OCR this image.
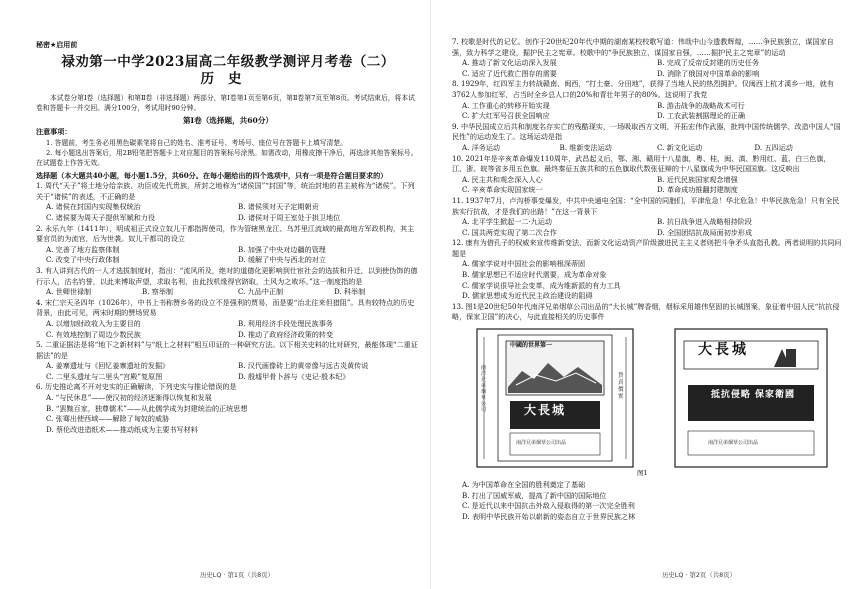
秘密★启用前
禄劝第一中学2023届高二年级教学测评月考卷（二）
历史
本试卷分第Ⅰ卷（选择题）和第Ⅱ卷（非选择题）两部分，第Ⅰ卷第1页至第6页，第Ⅱ卷第7页至第8页。考试结束后，将本试卷和答题卡一并交回。满分100分，考试用时90分钟。
第Ⅰ卷（选择题，共60分）
注意事项：
1. 答题前，考生务必用黑色碳素笔将自己的姓名、准考证号、考场号、座位号在答题卡上填写清楚。
2. 每小题选出答案后，用2B铅笔把答题卡上对应题目的答案标号涂黑。如需改动，用橡皮擦干净后，再选涂其他答案标号。在试题卷上作答无效。
选择题（本大题共40小题，每小题1.5分，共60分。在每小题给出的四个选项中，只有一项是符合题目要求的）
1. 周代“天子”将土地分给亲族、功臣或先代贵族，所封之地称为“诸侯国”“封国”等，统治封地的君主被称为“诸侯”。下列关于“诸侯”的表述，不正确的是
A. 诸侯在封国内实现集权统治	B. 诸侯须对天子定期朝贡
C. 诸侯要为周天子提供军赋和力役	D. 诸侯对于周王室处于拱卫地位
2. 永乐九年（1411年），明成祖正式设立奴儿干都指挥使司，作为管辖黑龙江、乌苏里江流域的最高地方军政机构，其主要官员的为流官，后为世袭。奴儿干都司的设立
A. 完善了地方监察体制	B. 加强了中央对边疆的管理
C. 改变了中央行政体制	D. 缓解了中央与西北的对立
3. 有人讲到古代的一人才选拔制度时，指出：“流风所及，绝对的道德化更影响到仕宦社会的选拔和升迁，以到使伪饰的德行示人，沽名钓誉，以此来博取声望，求取名利，由此找机缘得官跻取，土风为之败坏。”这一制度指的是
A. 世卿世禄制	B. 察举制	C. 九品中正制	D. 科举制
4. 宋仁宗天圣四年（1026年），中书上书称赞乡务的设立不是强利的贾易，而是要“治北往来但猎阻”。具有较特点的历史背景，由此可见，两宋时期的赞场贸易
A. 以增加财政收入为主要目的	B. 利用经济手段处理民族事务
C. 有效地控制了周边少数民族	D. 推动了政府经济政策的转变
5. 二重证据法是将“地下之新材料”与“纸上之材料”相互印证的一种研究方法。以下相关史料的比对研究，最能体现“二重证据法”的是
A. 姜寨遗址与《回忆姜寨遗址的发掘》	B. 汉代画像砖上的黄帝像与远古炎黄传说
C. 二里头遗址与二里头“宫殿”复原图	D. 殷墟甲骨卜辞与《史记·殷本纪》
6. 历史推论离不开对史实的正确解读，下列史实与推论错误的是
A. “与民休息”——使汉初的经济逐渐得以恢复和发展
B. “罢黜百家，独尊儒术”——从此儒学成为封建统治的正统思想
C. 张骞出使西域——解除了匈奴的威胁
D. 蔡伦改进造纸术——推动纸成为主要书写材料
7. 校歌是时代的记忆。创作于20世纪20年代中期的湖南某校校歌写道：伟哉中山今遗教辉煌，……争民族独立，谋国家自强，致力科学之建设，掘护民主之宪章。校歌中的“争民族独立，谋国家自强，……掘护民主之宪章”的运动
A. 推动了新文化运动深入发展	B. 完成了反帝反封建的历史任务
C. 适应了近代救亡图存的需要	D. 消除了俄国对中国革命的影响
8. 1929年，红四军主力转战赣南、闽西，“打土豪、分田地”，获得了当地人民的热烈拥护。仅闽西上杭才溪乡一地，就有3762人参加红军，占当时全乡总人口的20%和青壮年男子的80%。这说明了我党
A. 工作重心的转移开始实现	B. 游击战争的战略战术可行
C. 扩大红军号召获全国响应	D. 工农武装割据理论的正确
9. 中华民国成立后共和制度名存实亡的残酷现实，一场吸取西方文明，开拓宏伟作武器，批判中国传统儒学、改造中国人“国民性”的运动发生了。这场运动是指
A. 洋务运动	B. 维新变法运动	C. 新文化运动	D. 五四运动
10. 2021年是辛亥革命爆发110周年，武昌起义后，鄂、湘、赣用十八星旗，粤、桂、闽、滇、黔用红、蓝、白三色旗，江、浙、皖等省多用五色旗。最终秦征五族共和的五色旗取代数张征辩的十八星旗成为中华民国国旗。这反映出
A. 民主共和观念深入人心	B. 近代民族国家观念增强
C. 辛亥革命实现国家统一	D. 革命成功推翻封建制度
11. 1937年7月，卢沟桥事变爆发，中共中央通电全国：“全中国的同胞们，平津危急！华北危急！中华民族危急！只有全民族实行抗战，才是我们的出路！”在这一背景下
A. 北平学生掀起一二·九运动	B. 抗日战争进入战略相持阶段
C. 国共两党实现了第二次合作	D. 全国团结抗战局面初步形成
12. 康有为借孔子的权威来宣传维新变法，而新文化运动资产阶级激进民主主义者则把斗争矛头直指孔教。两者说明的共同问题是
A. 儒家学说对中国社会的影响根深蒂固
B. 儒家思想已不适应时代需要，成为革命对象
C. 儒家学说很导社会变革，成为维新派的有力工具
D. 儒家思想成为近代民主政治建设的阻碍
13. 图1是20世纪50年代南洋兄弟烟草公司出品的“大长城”牌香烟，烟标采用雄伟坚固的长城图案，象征着中国人民“抗抗侵略，保家卫国”的决心，与此直接相关的历史事件
中國的世界第一
大長城
南洋兄弟烟草公司
貨真價實
南洋兄弟烟草公司出品
大長城
抵抗侵略 保家衛國
南洋兄弟烟草公司出品
图1
A. 为中国革命在全国的胜利奠定了基础
B. 打出了国威军威，提高了新中国的国际地位
C. 是近代以来中国抗击外敌入侵取得的第一次完全胜利
D. 表明中华民族开始以崭新的姿态自立于世界民族之林
历史LQ · 第1页（共8页）	历史LQ · 第2页（共8页）
